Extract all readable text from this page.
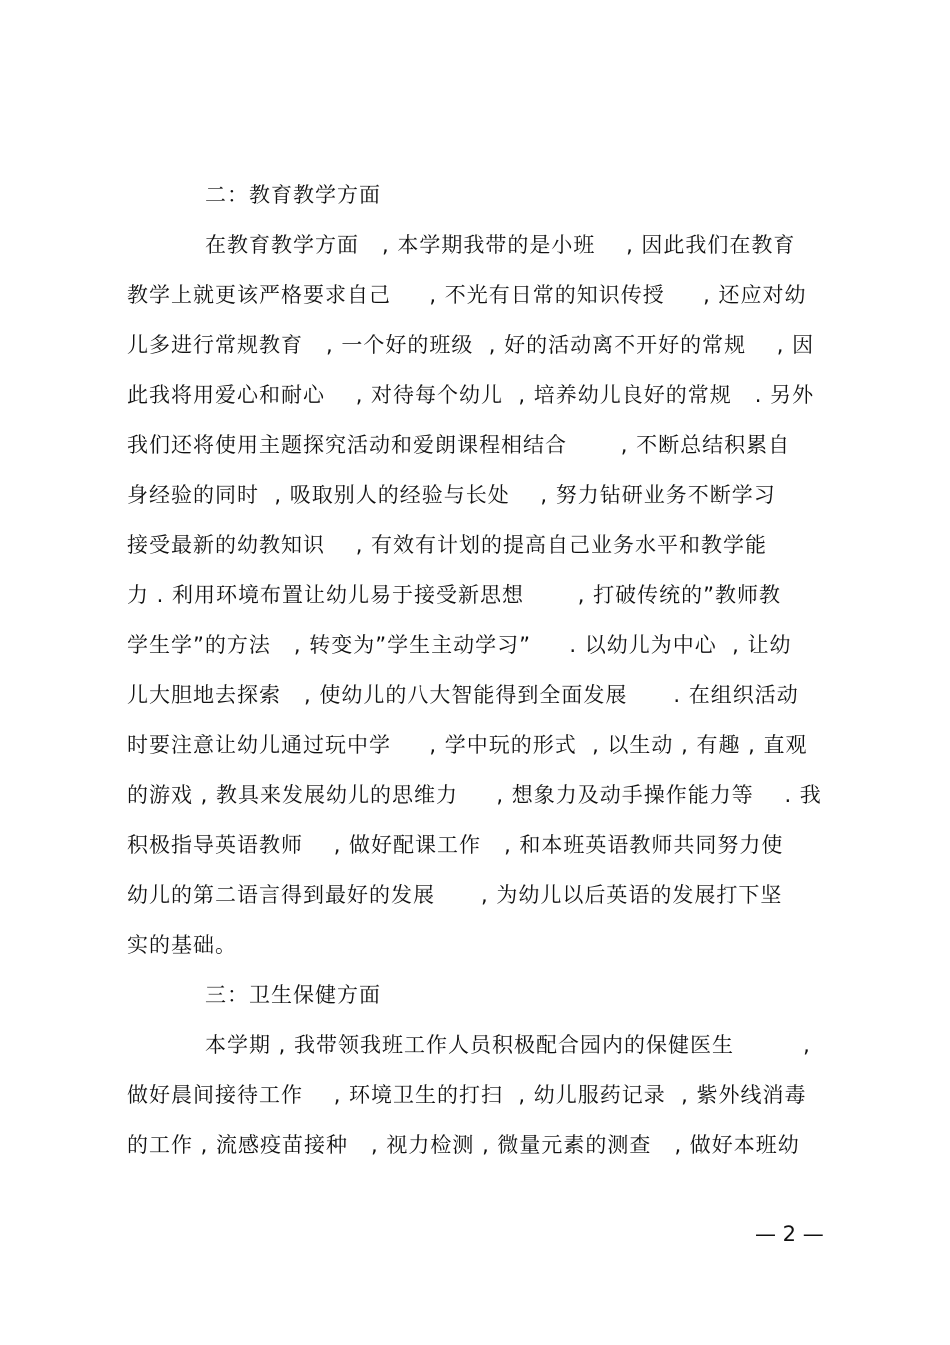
二：教育教学方面
在教育教学方面   , 本学期我带的是小班    , 因此我们在教育
教学上就更该严格要求自己     , 不光有日常的知识传授     , 还应对幼
儿多进行常规教育   , 一个好的班级  , 好的活动离不开好的常规    , 因
此我将用爱心和耐心    , 对待每个幼儿  , 培养幼儿良好的常规   . 另外
我们还将使用主题探究活动和爱朗课程相结合       , 不断总结积累自
身经验的同时  , 吸取别人的经验与长处    , 努力钻研业务不断学习
接受最新的幼教知识    , 有效有计划的提高自己业务水平和教学能
力 . 利用环境布置让幼儿易于接受新思想       , 打破传统的”教师教
学生学”的方法   , 转变为”学生主动学习”     . 以幼儿为中心  , 让幼
儿大胆地去探索   , 使幼儿的八大智能得到全面发展      . 在组织活动
时要注意让幼儿通过玩中学     , 学中玩的形式  , 以生动 , 有趣 , 直观
的游戏 , 教具来发展幼儿的思维力     , 想象力及动手操作能力等    . 我
积极指导英语教师    , 做好配课工作   , 和本班英语教师共同努力使
幼儿的第二语言得到最好的发展      , 为幼儿以后英语的发展打下坚
实的基础。
三：卫生保健方面
本学期 , 我带领我班工作人员积极配合园内的保健医生         ,
做好晨间接待工作    , 环境卫生的打扫  , 幼儿服药记录  , 紫外线消毒
的工作 , 流感疫苗接种   , 视力检测 , 微量元素的测查   , 做好本班幼
— 2 —
